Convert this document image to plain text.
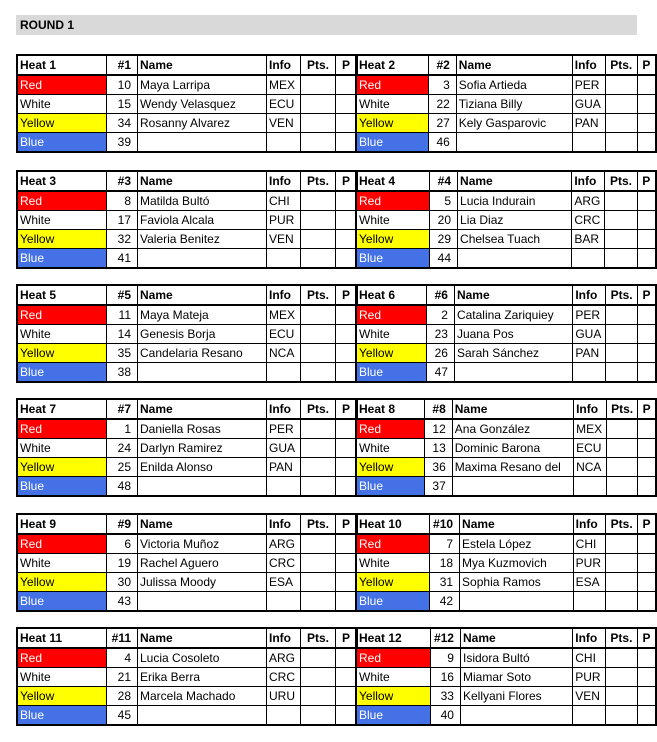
ROUND 1
Heat 1	#1	Name	Info	Pts.	P
Red	10	Maya Larripa	MEX		
White	15	Wendy Velasquez	ECU		
Yellow	34	Rosanny Alvarez	VEN		
Blue	39				
Heat 2	#2	Name	Info	Pts.	P
Red	3	Sofia Artieda	PER		
White	22	Tiziana Billy	GUA		
Yellow	27	Kely Gasparovic	PAN		
Blue	46				
Heat 3	#3	Name	Info	Pts.	P
Red	8	Matilda Bultó	CHI		
White	17	Faviola Alcala	PUR		
Yellow	32	Valeria Benitez	VEN		
Blue	41				
Heat 4	#4	Name	Info	Pts.	P
Red	5	Lucia Indurain	ARG		
White	20	Lia Diaz	CRC		
Yellow	29	Chelsea Tuach	BAR		
Blue	44				
Heat 5	#5	Name	Info	Pts.	P
Red	11	Maya Mateja	MEX		
White	14	Genesis Borja	ECU		
Yellow	35	Candelaria Resano	NCA		
Blue	38				
Heat 6	#6	Name	Info	Pts.	P
Red	2	Catalina Zariquiey	PER		
White	23	Juana Pos	GUA		
Yellow	26	Sarah Sánchez	PAN		
Blue	47				
Heat 7	#7	Name	Info	Pts.	P
Red	1	Daniella Rosas	PER		
White	24	Darlyn Ramirez	GUA		
Yellow	25	Enilda Alonso	PAN		
Blue	48				
Heat 8	#8	Name	Info	Pts.	P
Red	12	Ana González	MEX		
White	13	Dominic Barona	ECU		
Yellow	36	Maxima Resano del	NCA		
Blue	37				
Heat 9	#9	Name	Info	Pts.	P
Red	6	Victoria Muñoz	ARG		
White	19	Rachel Aguero	CRC		
Yellow	30	Julissa Moody	ESA		
Blue	43				
Heat 10	#10	Name	Info	Pts.	P
Red	7	Estela López	CHI		
White	18	Mya Kuzmovich	PUR		
Yellow	31	Sophia Ramos	ESA		
Blue	42				
Heat 11	#11	Name	Info	Pts.	P
Red	4	Lucia Cosoleto	ARG		
White	21	Erika Berra	CRC		
Yellow	28	Marcela Machado	URU		
Blue	45				
Heat 12	#12	Name	Info	Pts.	P
Red	9	Isidora Bultó	CHI		
White	16	Miamar Soto	PUR		
Yellow	33	Kellyani Flores	VEN		
Blue	40				
